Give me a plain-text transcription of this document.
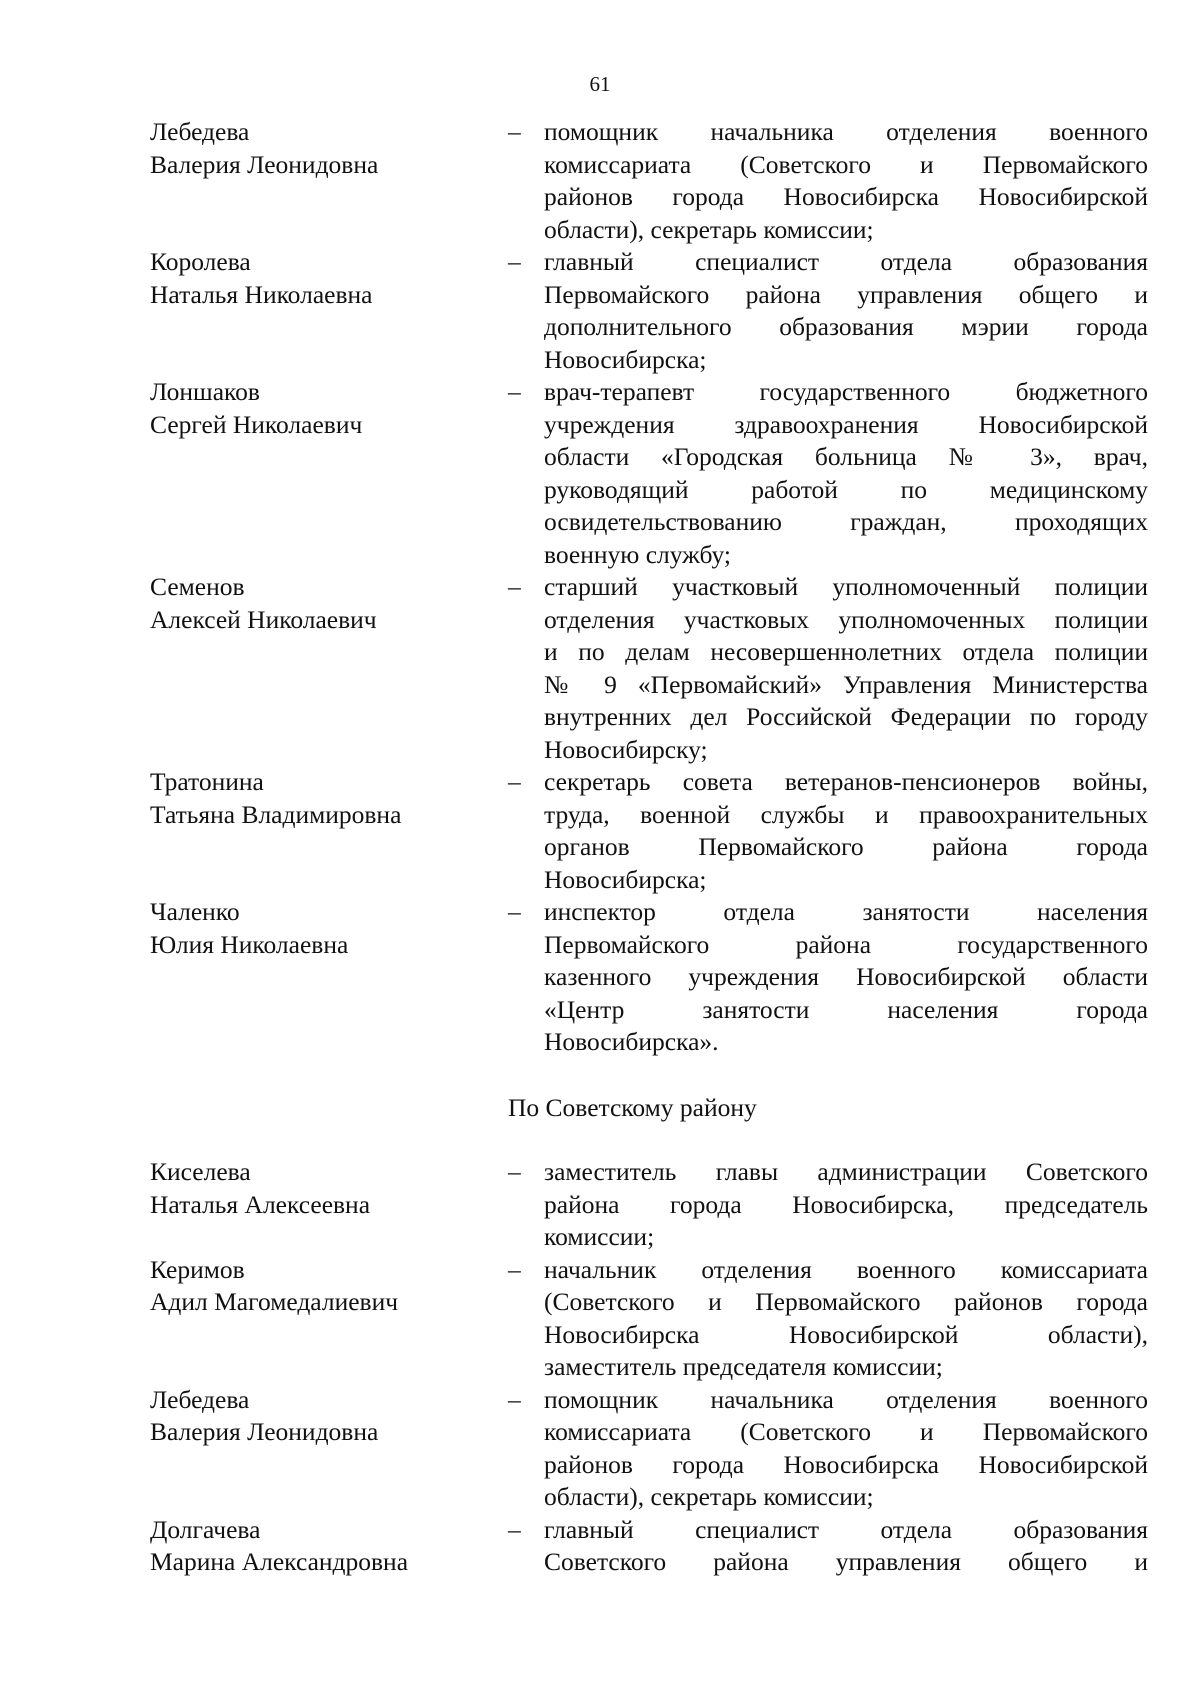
61
Лебедева
Валерия Леонидовна
– помощник начальника отделения военного
комиссариата (Советского и Первомайского
районов города Новосибирска Новосибирской
области), секретарь комиссии;
Королева
Наталья Николаевна
– главный специалист отдела образования
Первомайского района управления общего и
дополнительного образования мэрии города
Новосибирска;
Лоншаков
Сергей Николаевич
– врач-терапевт государственного бюджетного
учреждения здравоохранения Новосибирской
области «Городская больница № 3», врач,
руководящий работой по медицинскому
освидетельствованию граждан, проходящих
военную службу;
Семенов
Алексей Николаевич
– старший участковый уполномоченный полиции
отделения участковых уполномоченных полиции
и по делам несовершеннолетних отдела полиции
№ 9 «Первомайский» Управления Министерства
внутренних дел Российской Федерации по городу
Новосибирску;
Тратонина
Татьяна Владимировна
– секретарь совета ветеранов-пенсионеров войны,
труда, военной службы и правоохранительных
органов Первомайского района города
Новосибирска;
Чаленко
Юлия Николаевна
– инспектор отдела занятости населения
Первомайского района государственного
казенного учреждения Новосибирской области
«Центр занятости населения города
Новосибирска».
По Советскому району
Киселева
Наталья Алексеевна
– заместитель главы администрации Советского
района города Новосибирска, председатель
комиссии;
Керимов
Адил Магомедалиевич
– начальник отделения военного комиссариата
(Советского и Первомайского районов города
Новосибирска Новосибирской области),
заместитель председателя комиссии;
Лебедева
Валерия Леонидовна
– помощник начальника отделения военного
комиссариата (Советского и Первомайского
районов города Новосибирска Новосибирской
области), секретарь комиссии;
Долгачева
Марина Александровна
– главный специалист отдела образования
Советского района управления общего и
